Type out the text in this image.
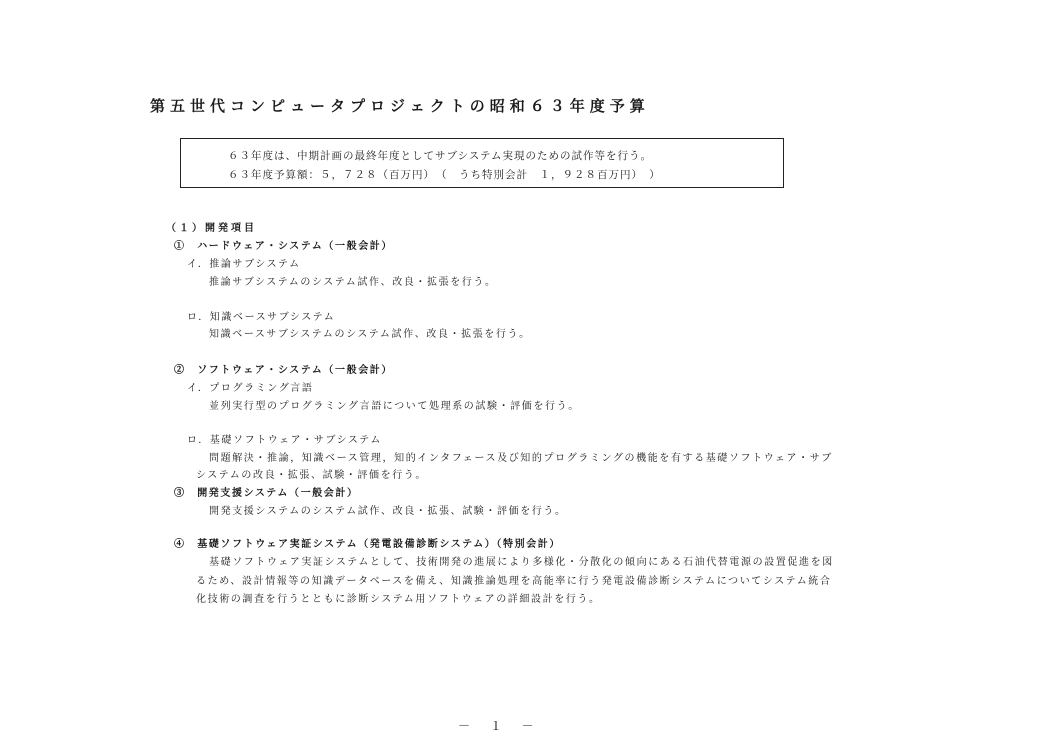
第五世代コンピュータプロジェクトの昭和６３年度予算
６３年度は、中期計画の最終年度としてサブシステム実現のための試作等を行う。
６３年度予算額：５，７２８（百万円）　（　うち特別会計　１，９２８百万円）　）
（１）開発項目
①　ハードウェア・システム（一般会計）
イ．推論サブシステム
推論サブシステムのシステム試作、改良・拡張を行う。
ロ．知識ベースサブシステム
知識ベースサブシステムのシステム試作、改良・拡張を行う。
②　ソフトウェア・システム（一般会計）
イ．プログラミング言語
並列実行型のプログラミング言語について処理系の試験・評価を行う。
ロ．基礎ソフトウェア・サブシステム
問題解決・推論，知識ベース管理，知的インタフェース及び知的プログラミングの機能を有する基礎ソフトウェア・サブ
システムの改良・拡張、試験・評価を行う。
③　開発支援システム（一般会計）
開発支援システムのシステム試作、改良・拡張、試験・評価を行う。
④　基礎ソフトウェア実証システム（発電設備診断システム）（特別会計）
基礎ソフトウェア実証システムとして、技術開発の進展により多様化・分散化の傾向にある石油代替電源の設置促進を図
るため、設計情報等の知識データベースを備え、知識推論処理を高能率に行う発電設備診断システムについてシステム統合
化技術の調査を行うとともに診断システム用ソフトウェアの詳細設計を行う。
－ １ －
